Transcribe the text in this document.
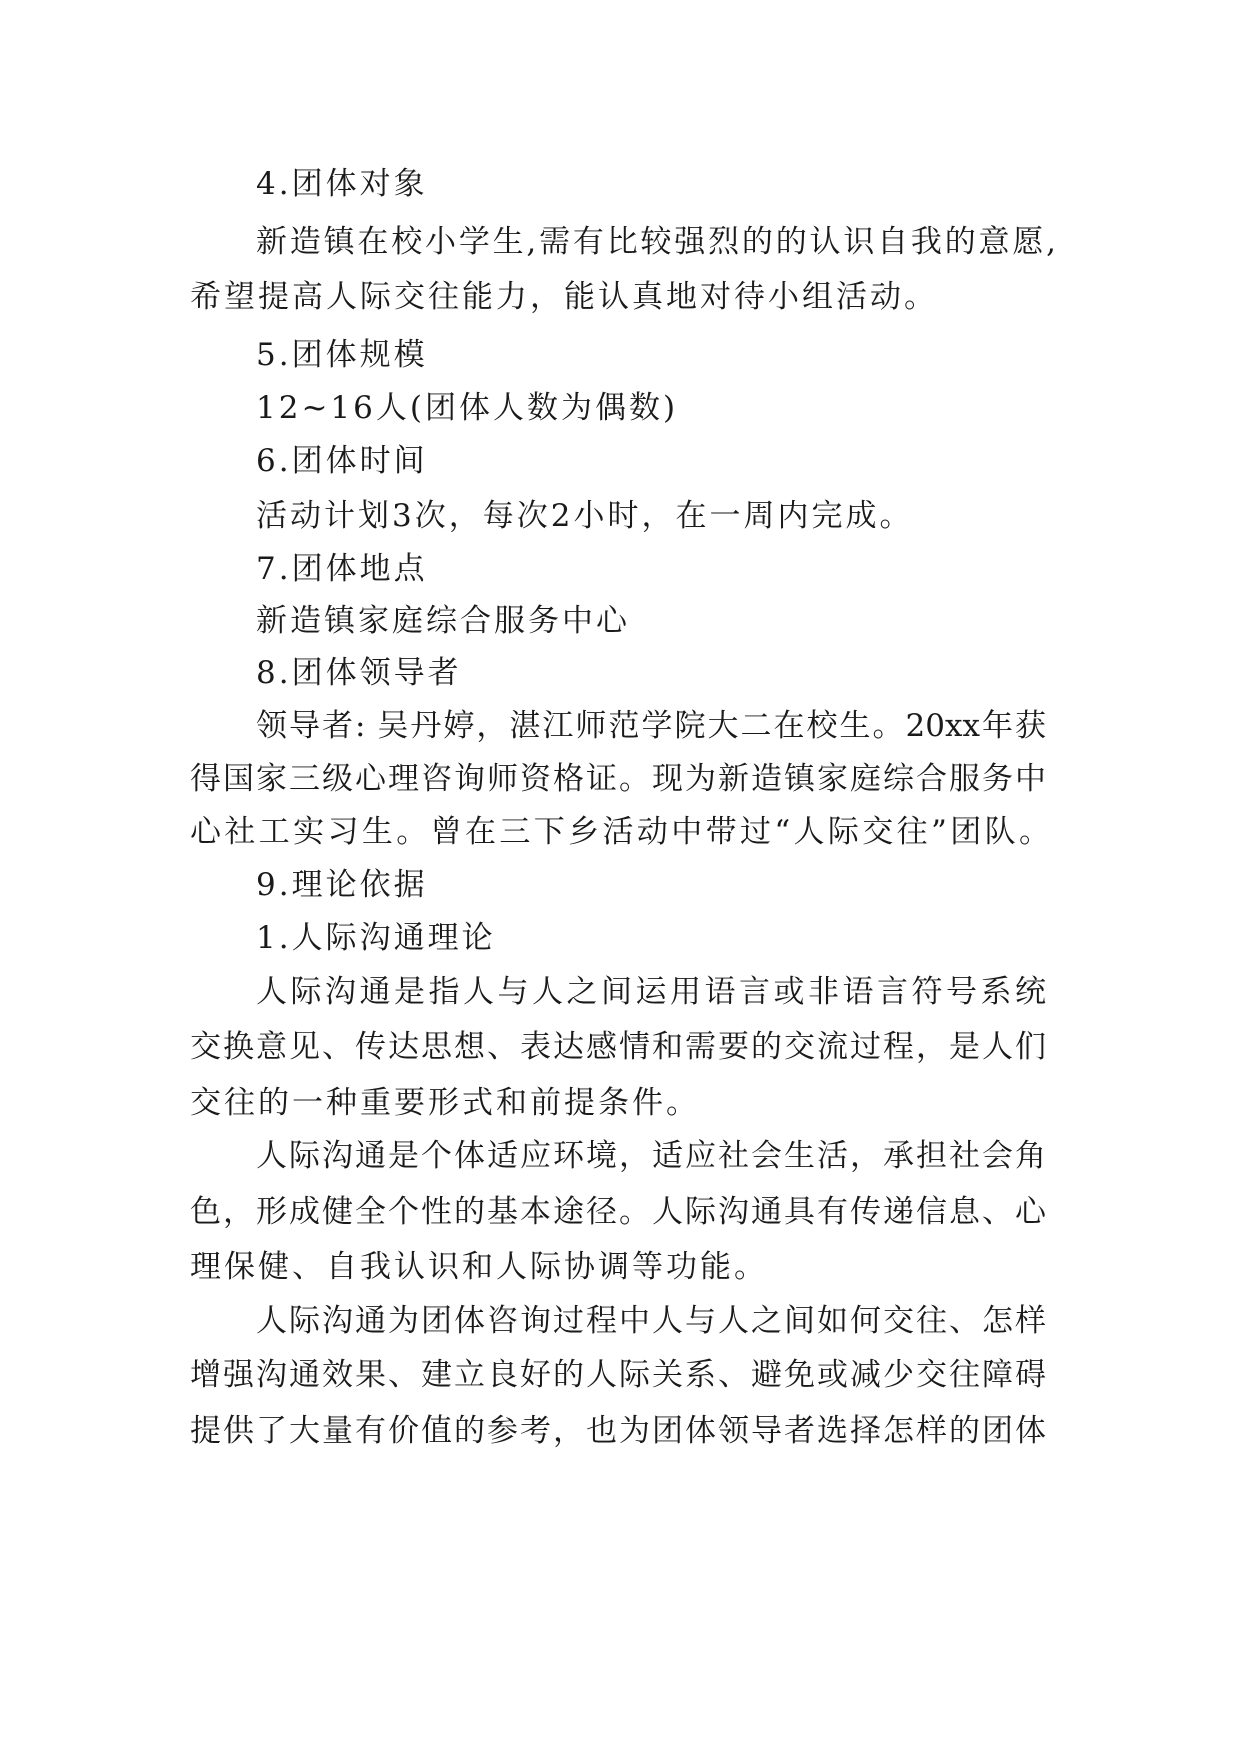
4.团体对象
新造镇在校小学生,需有比较强烈的的认识自我的意愿,
希望提高人际交往能力，能认真地对待小组活动。
5.团体规模
12~16人(团体人数为偶数)
6.团体时间
活动计划3次，每次2小时，在一周内完成。
7.团体地点
新造镇家庭综合服务中心
8.团体领导者
领导者: 吴丹婷，湛江师范学院大二在校生。20xx年获
得国家三级心理咨询师资格证。现为新造镇家庭综合服务中
心社工实习生。曾在三下乡活动中带过“人际交往”团队。
9.理论依据
1.人际沟通理论
人际沟通是指人与人之间运用语言或非语言符号系统
交换意见、传达思想、表达感情和需要的交流过程，是人们
交往的一种重要形式和前提条件。
人际沟通是个体适应环境，适应社会生活，承担社会角
色，形成健全个性的基本途径。人际沟通具有传递信息、心
理保健、自我认识和人际协调等功能。
人际沟通为团体咨询过程中人与人之间如何交往、怎样
增强沟通效果、建立良好的人际关系、避免或减少交往障碍
提供了大量有价值的参考，也为团体领导者选择怎样的团体
